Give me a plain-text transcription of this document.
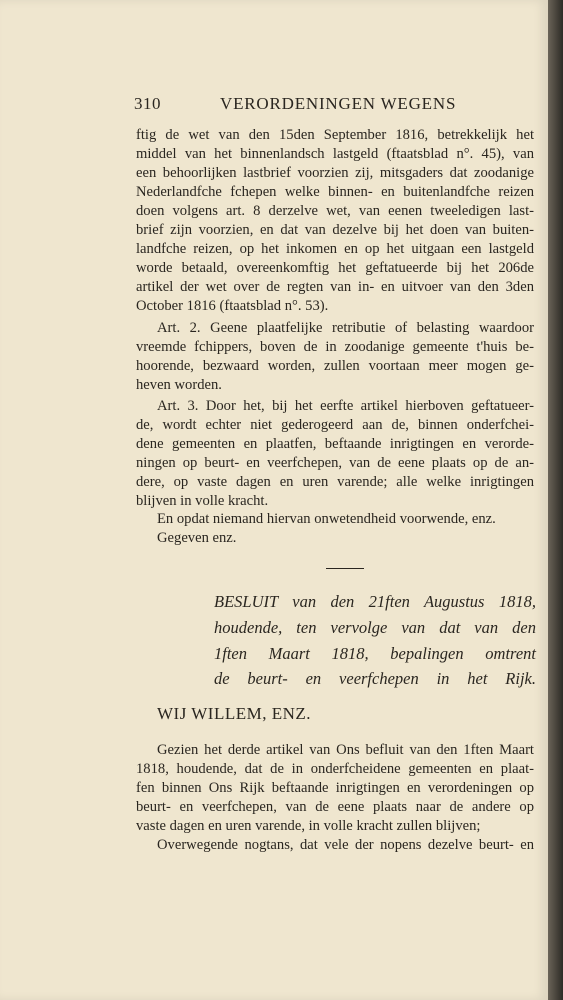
310	VERORDENINGEN WEGENS
ftig de wet van den 15den September 1816, betrekkelijk het
middel van het binnenlandsch lastgeld (ftaatsblad n°. 45), van
een behoorlijken lastbrief voorzien zij, mitsgaders dat zoodanige
Nederlandfche fchepen welke binnen- en buitenlandfche reizen
doen volgens art. 8 derzelve wet, van eenen tweeledigen last-
brief zijn voorzien, en dat van dezelve bij het doen van buiten-
landfche reizen, op het inkomen en op het uitgaan een lastgeld
worde betaald, overeenkomftig het geftatueerde bij het 206de
artikel der wet over de regten van in- en uitvoer van den 3den
October 1816 (ftaatsblad n°. 53).
Art. 2. Geene plaatfelijke retributie of belasting waardoor
vreemde fchippers, boven de in zoodanige gemeente t'huis be-
hoorende, bezwaard worden, zullen voortaan meer mogen ge-
heven worden.
Art. 3. Door het, bij het eerfte artikel hierboven geftatueer-
de, wordt echter niet gederogeerd aan de, binnen onderfchei-
dene gemeenten en plaatfen, beftaande inrigtingen en verorde-
ningen op beurt- en veerfchepen, van de eene plaats op de an-
dere, op vaste dagen en uren varende; alle welke inrigtingen
blijven in volle kracht.
En opdat niemand hiervan onwetendheid voorwende, enz.
Gegeven enz.
BESLUIT van den 21ften Augustus 1818,
houdende, ten vervolge van dat van den
1ften Maart 1818, bepalingen omtrent
de beurt- en veerfchepen in het Rijk.
WIJ WILLEM, ENZ.
Gezien het derde artikel van Ons befluit van den 1ften Maart
1818, houdende, dat de in onderfcheidene gemeenten en plaat-
fen binnen Ons Rijk beftaande inrigtingen en verordeningen op
beurt- en veerfchepen, van de eene plaats naar de andere op
vaste dagen en uren varende, in volle kracht zullen blijven;
Overwegende nogtans, dat vele der nopens dezelve beurt- en
